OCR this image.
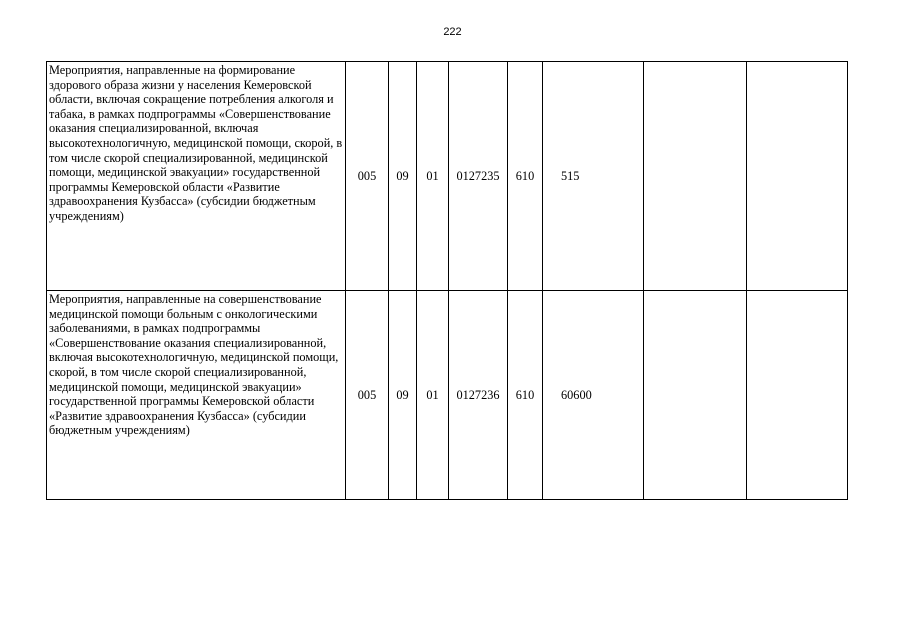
222
Мероприятия, направленные на формирование здорового образа жизни у населения Кемеровской области, включая сокращение потребления алкоголя и табака, в рамках подпрограммы «Совершенствование оказания специализированной, включая высокотехнологичную, медицинской помощи, скорой, в том числе скорой специализированной, медицинской помощи, медицинской эвакуации» государственной программы Кемеровской области «Развитие здравоохранения Кузбасса» (субсидии бюджетным учреждениям)	005	09	01	0127235	610	515		
Мероприятия, направленные на совершенствование медицинской помощи больным с онкологическими заболеваниями, в рамках подпрограммы «Совершенствование оказания специализированной, включая высокотехнологичную, медицинской помощи, скорой, в том числе скорой специализированной, медицинской помощи, медицинской эвакуации» государственной программы Кемеровской области «Развитие здравоохранения Кузбасса» (субсидии бюджетным учреждениям)	005	09	01	0127236	610	60600		
